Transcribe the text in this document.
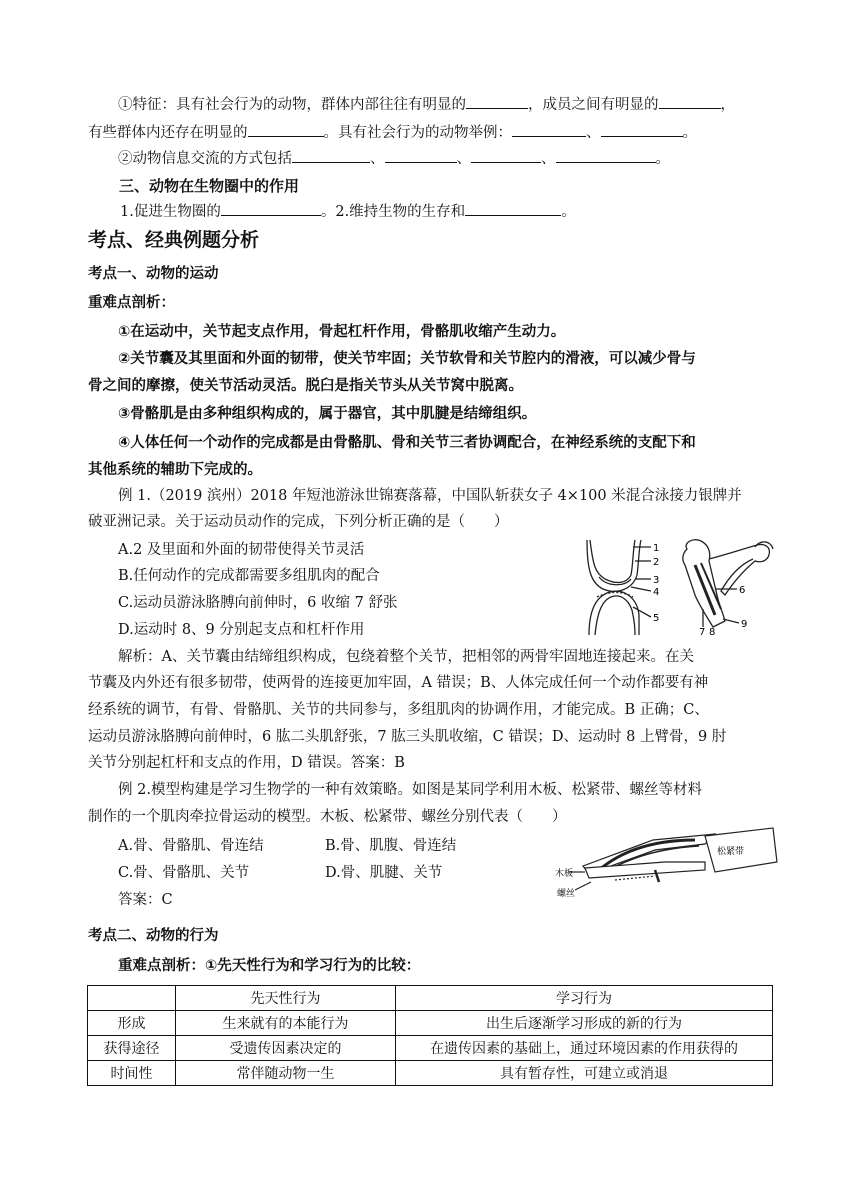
①特征：具有社会行为的动物，群体内部往往有明显的	，成员之间有明显的	，
有些群体内还存在明显的	。具有社会行为的动物举例：	、	。
②动物信息交流的方式包括	、	、	、	。
三、动物在生物圈中的作用
1.促进生物圈的	。2.维持生物的生存和	。
考点、经典例题分析
考点一、动物的运动
重难点剖析：
①在运动中，关节起支点作用，骨起杠杆作用，骨骼肌收缩产生动力。
②关节囊及其里面和外面的韧带，使关节牢固；关节软骨和关节腔内的滑液，可以减少骨与
骨之间的摩擦，使关节活动灵活。脱臼是指关节头从关节窝中脱离。
③骨骼肌是由多种组织构成的，属于器官，其中肌腱是结缔组织。
④人体任何一个动作的完成都是由骨骼肌、骨和关节三者协调配合，在神经系统的支配下和
其他系统的辅助下完成的。
例 1.（2019 滨州）2018 年短池游泳世锦赛落幕，中国队斩获女子 4×100 米混合泳接力银牌并
破亚洲记录。关于运动员动作的完成，下列分析正确的是（　　）
A.2 及里面和外面的韧带使得关节灵活
B.任何动作的完成都需要多组肌肉的配合
C.运动员游泳胳膊向前伸时，6 收缩 7 舒张
D.运动时 8、9 分别起支点和杠杆作用
1
2
3
4
5
6
7 8
9
解析：A、关节囊由结缔组织构成，包绕着整个关节，把相邻的两骨牢固地连接起来。在关
节囊及内外还有很多韧带，使两骨的连接更加牢固，A 错误；B、人体完成任何一个动作都要有神
经系统的调节，有骨、骨骼肌、关节的共同参与，多组肌肉的协调作用，才能完成。B 正确；C、
运动员游泳胳膊向前伸时，6 肱二头肌舒张，7 肱三头肌收缩，C 错误；D、运动时 8 上臂骨，9 肘
关节分别起杠杆和支点的作用，D 错误。答案：B
例 2.模型构建是学习生物学的一种有效策略。如图是某同学利用木板、松紧带、螺丝等材料
制作的一个肌肉牵拉骨运动的模型。木板、松紧带、螺丝分别代表（　　）
A.骨、骨骼肌、骨连结	B.骨、肌腹、骨连结
C.骨、骨骼肌、关节	D.骨、肌腱、关节
答案：C
木板
松紧带
螺丝
考点二、动物的行为
重难点剖析：①先天性行为和学习行为的比较：
	先天性行为	学习行为
形成	生来就有的本能行为	出生后逐渐学习形成的新的行为
获得途径	受遗传因素决定的	在遗传因素的基础上，通过环境因素的作用获得的
时间性	常伴随动物一生	具有暂存性，可建立或消退
